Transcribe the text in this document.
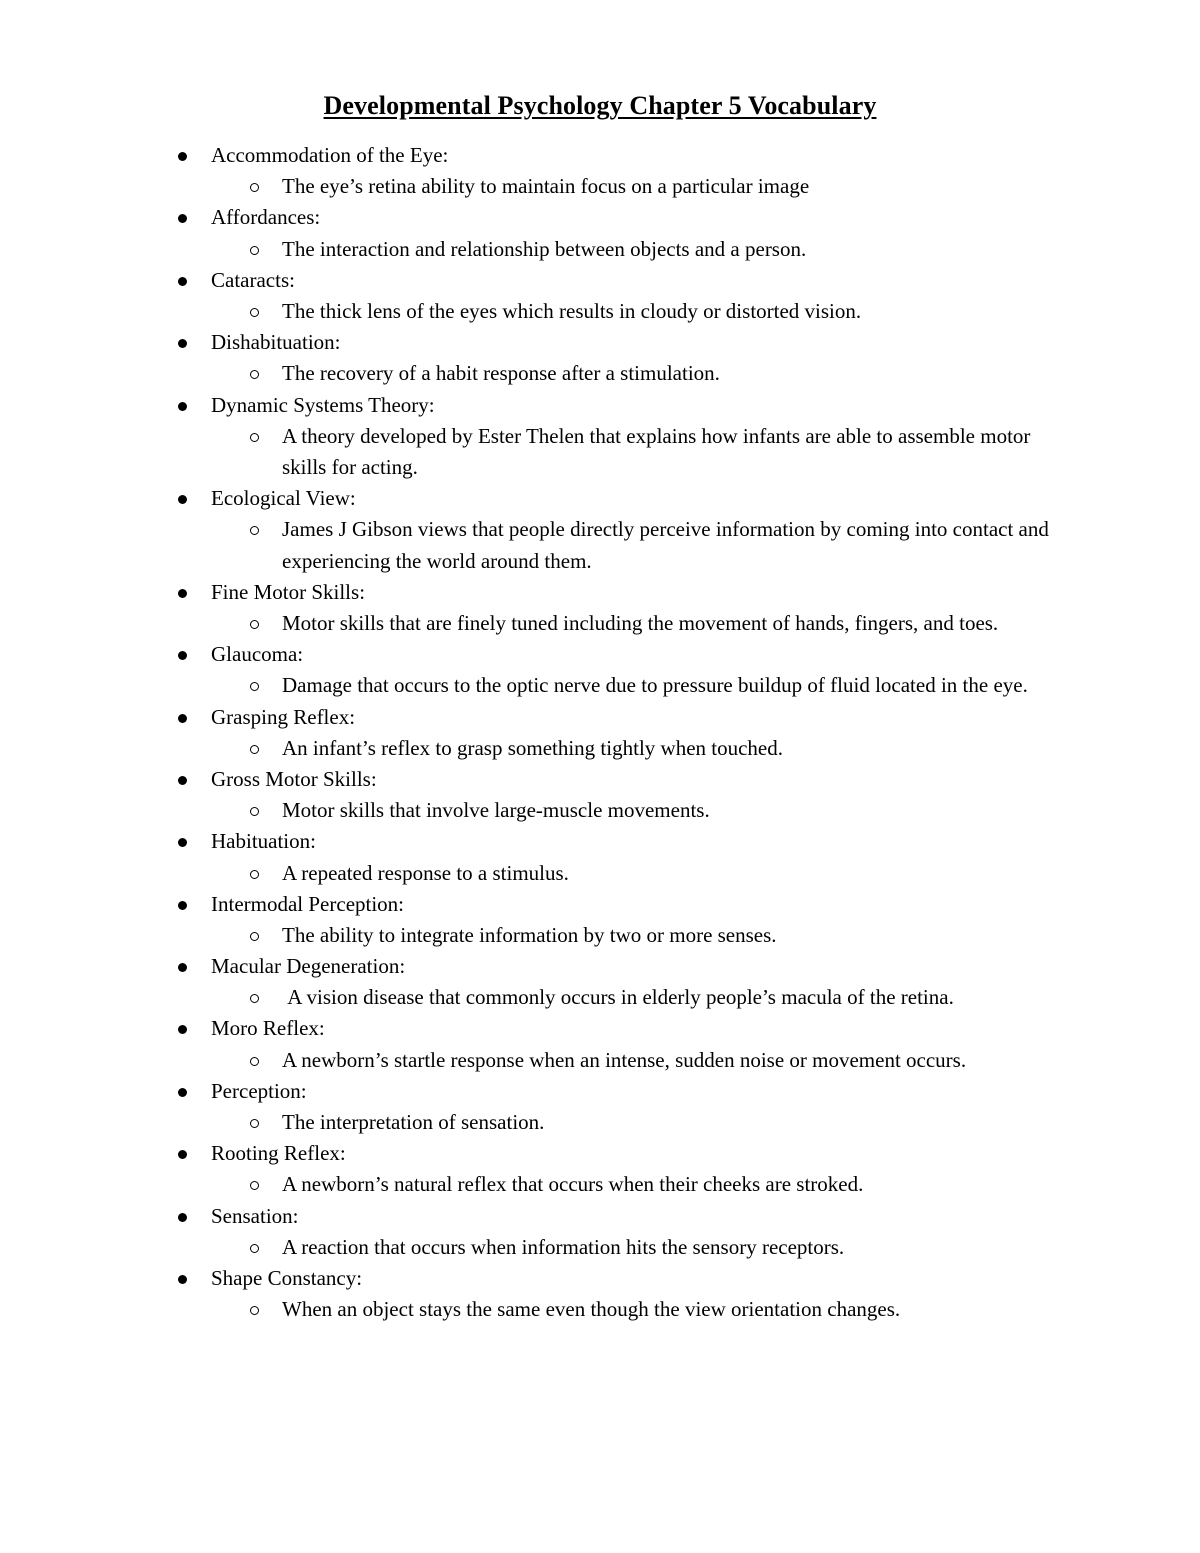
Developmental Psychology Chapter 5 Vocabulary
Accommodation of the Eye:
The eye’s retina ability to maintain focus on a particular image
Affordances:
The interaction and relationship between objects and a person.
Cataracts:
The thick lens of the eyes which results in cloudy or distorted vision.
Dishabituation:
The recovery of a habit response after a stimulation.
Dynamic Systems Theory:
A theory developed by Ester Thelen that explains how infants are able to assemble motor skills for acting.
Ecological View:
James J Gibson views that people directly perceive information by coming into contact and experiencing the world around them.
Fine Motor Skills:
Motor skills that are finely tuned including the movement of hands, fingers, and toes.
Glaucoma:
Damage that occurs to the optic nerve due to pressure buildup of fluid located in the eye.
Grasping Reflex:
An infant’s reflex to grasp something tightly when touched.
Gross Motor Skills:
Motor skills that involve large-muscle movements.
Habituation:
A repeated response to a stimulus.
Intermodal Perception:
The ability to integrate information by two or more senses.
Macular Degeneration:
A vision disease that commonly occurs in elderly people’s macula of the retina.
Moro Reflex:
A newborn’s startle response when an intense, sudden noise or movement occurs.
Perception:
The interpretation of sensation.
Rooting Reflex:
A newborn’s natural reflex that occurs when their cheeks are stroked.
Sensation:
A reaction that occurs when information hits the sensory receptors.
Shape Constancy:
When an object stays the same even though the view orientation changes.
